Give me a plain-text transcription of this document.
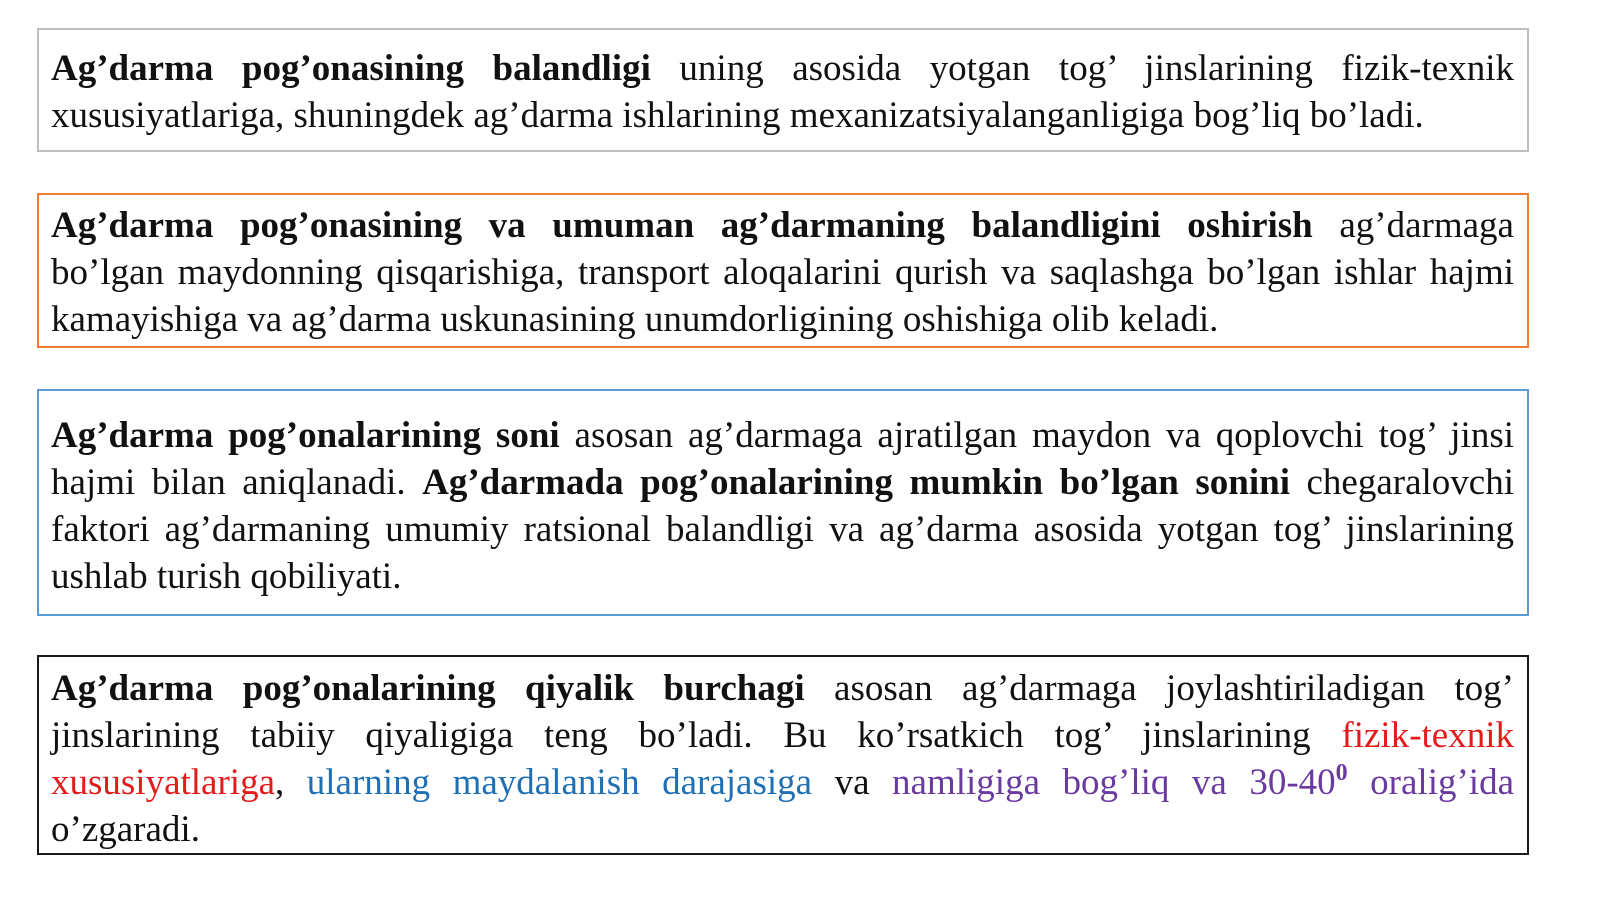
Ag’darma pog’onasining balandligi uning asosida yotgan tog’ jinslarining fizik-texnik xususiyatlariga, shuningdek ag’darma ishlarining mexanizatsiyalanganligiga bog’liq bo’ladi.

Ag’darma pog’onasining va umuman ag’darmaning balandligini oshirish ag’darmaga bo’lgan maydonning qisqarishiga, transport aloqalarini qurish va saqlashga bo’lgan ishlar hajmi kamayishiga va ag’darma uskunasining unumdorligining oshishiga olib keladi.

Ag’darma pog’onalarining soni asosan ag’darmaga ajratilgan maydon va qoplovchi tog’ jinsi hajmi bilan aniqlanadi. Ag’darmada pog’onalarining mumkin bo’lgan sonini chegaralovchi faktori ag’darmaning umumiy ratsional balandligi va ag’darma asosida yotgan tog’ jinslarining ushlab turish qobiliyati.

Ag’darma pog’onalarining qiyalik burchagi asosan ag’darmaga joylashtiriladigan tog’ jinslarining tabiiy qiyaligiga teng bo’ladi. Bu ko’rsatkich tog’ jinslarining fizik-texnik xususiyatlariga, ularning maydalanish darajasiga va namligiga bog’liq va $30-40^0$ oralig’ida o’zgaradi.
